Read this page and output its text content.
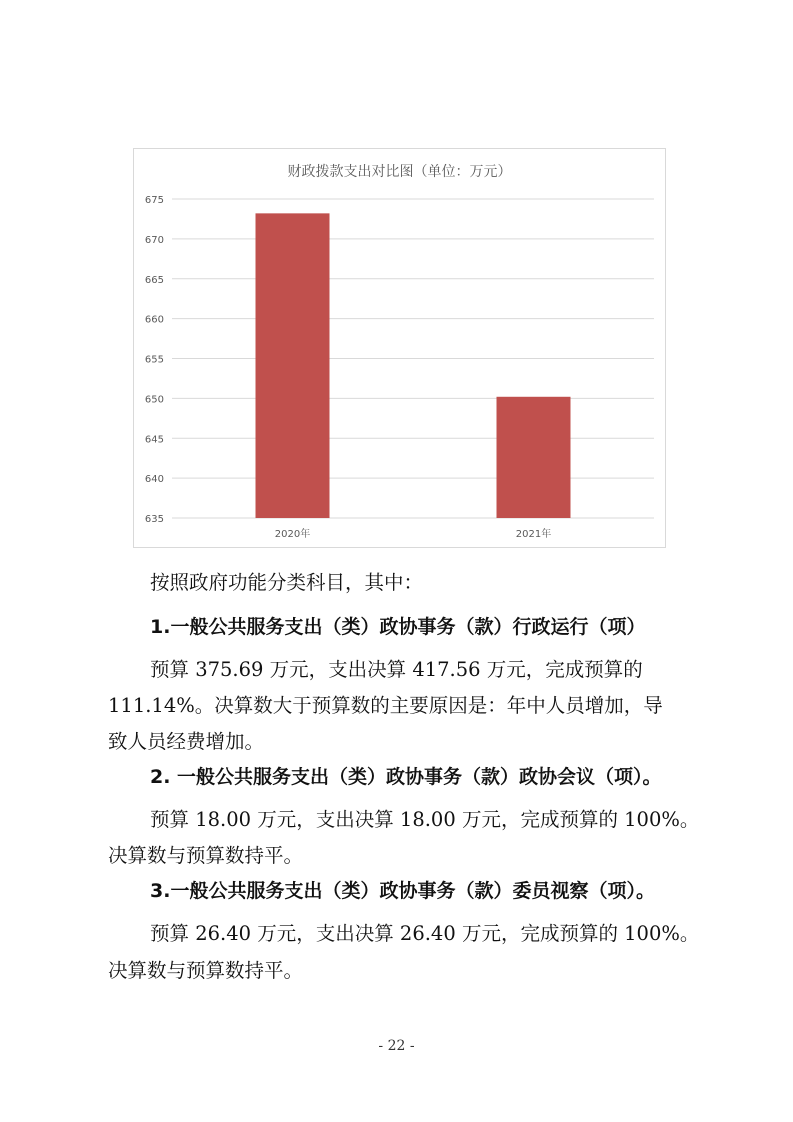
财政拨款支出对比图（单位：万元）
635
640
645
650
655
660
665
670
675
2020年	2021年
按照政府功能分类科目，其中：
1.一般公共服务支出（类）政协事务（款）行政运行（项）
预算 375.69 万元，支出决算 417.56 万元，完成预算的
111.14%。决算数大于预算数的主要原因是：年中人员增加，导
致人员经费增加。
2. 一般公共服务支出（类）政协事务（款）政协会议（项）。
预算 18.00 万元，支出决算 18.00 万元，完成预算的 100%。
决算数与预算数持平。
3.一般公共服务支出（类）政协事务（款）委员视察（项）。
预算 26.40 万元，支出决算 26.40 万元，完成预算的 100%。
决算数与预算数持平。
- 22 -
